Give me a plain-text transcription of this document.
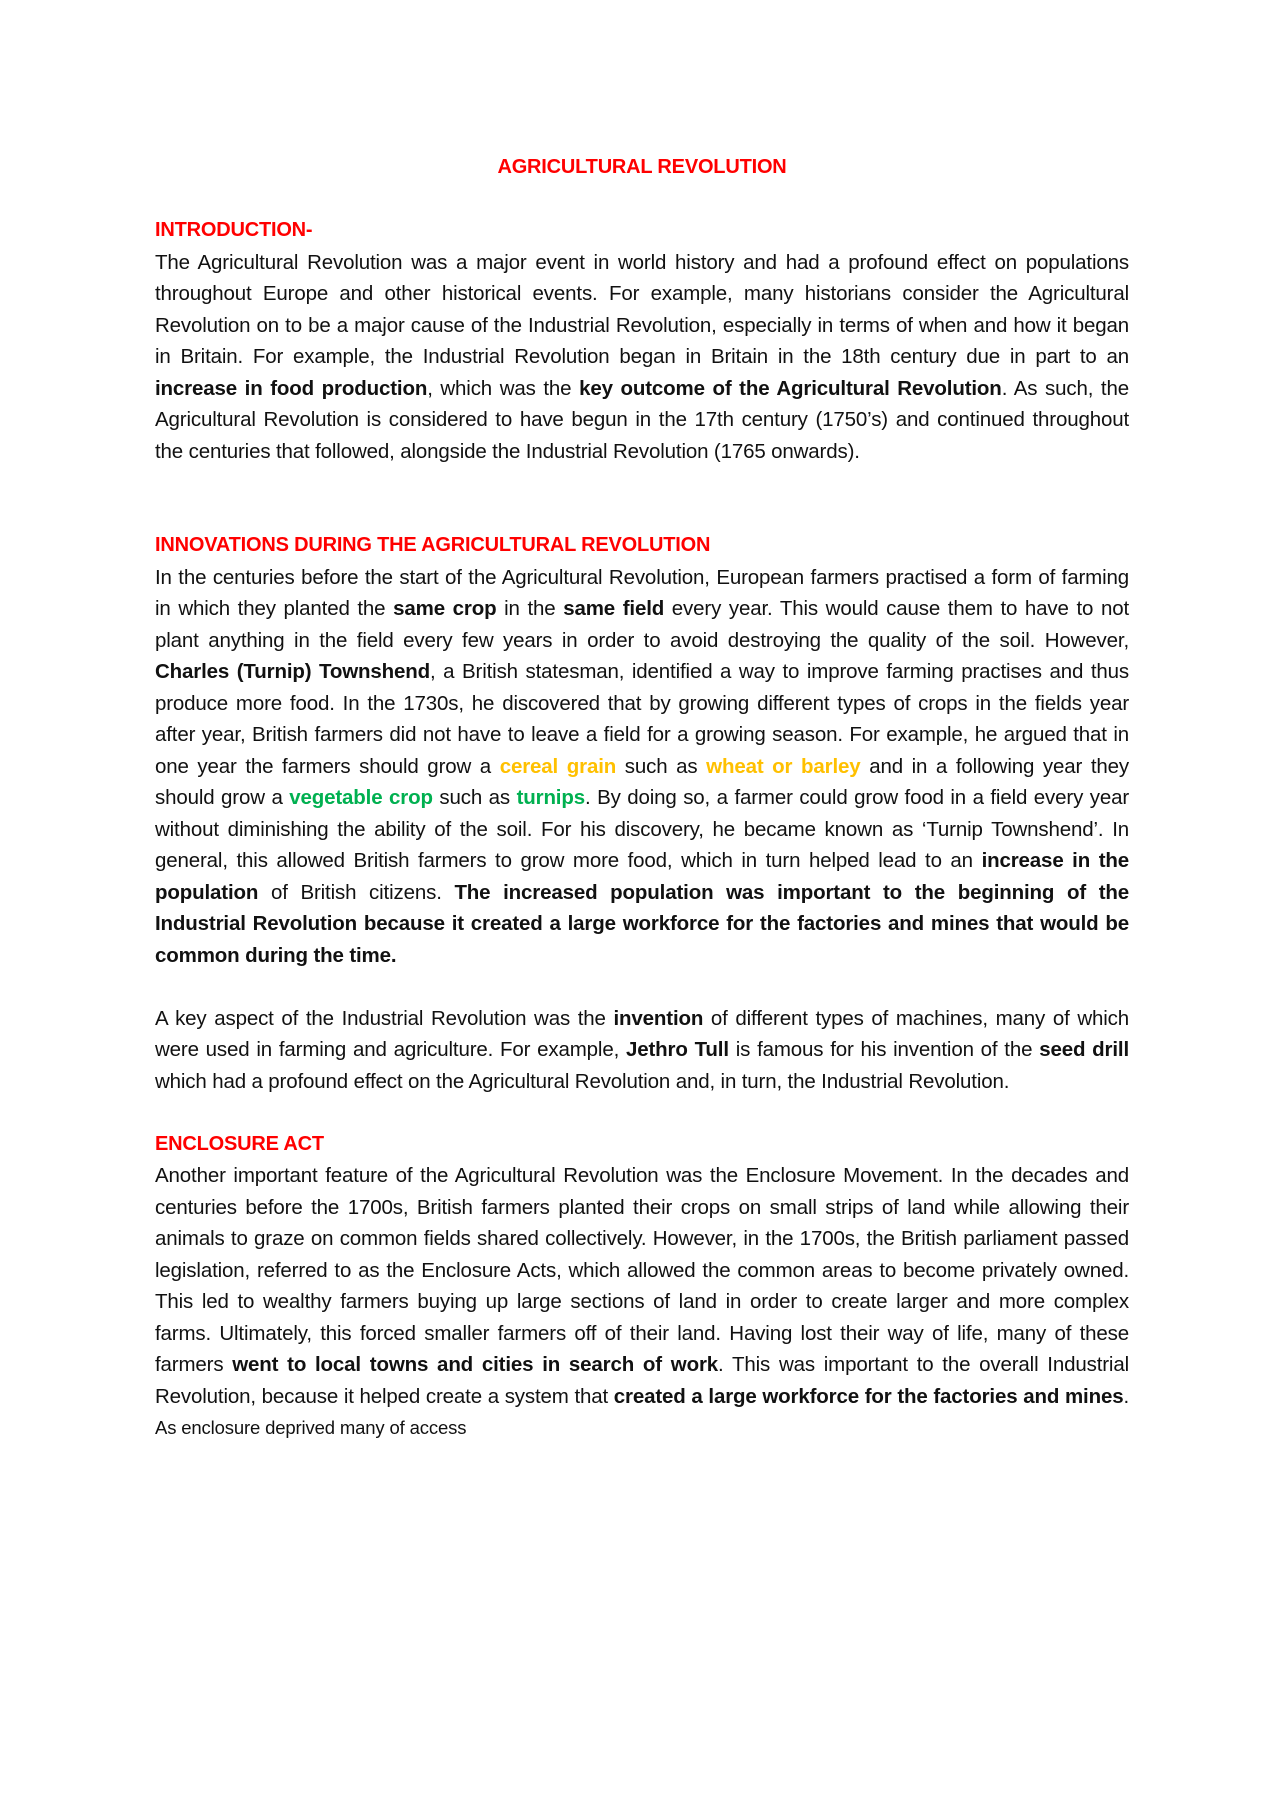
AGRICULTURAL REVOLUTION
INTRODUCTION-

The Agricultural Revolution was a major event in world history and had a profound effect on populations throughout Europe and other historical events. For example, many historians consider the Agricultural Revolution on to be a major cause of the Industrial Revolution, especially in terms of when and how it began in Britain. For example, the Industrial Revolution began in Britain in the 18th century due in part to an increase in food production, which was the key outcome of the Agricultural Revolution. As such, the Agricultural Revolution is considered to have begun in the 17th century (1750’s) and continued throughout the centuries that followed, alongside the Industrial Revolution (1765 onwards).

INNOVATIONS DURING THE AGRICULTURAL REVOLUTION

In the centuries before the start of the Agricultural Revolution, European farmers practised a form of farming in which they planted the same crop in the same field every year. This would cause them to have to not plant anything in the field every few years in order to avoid destroying the quality of the soil. However, Charles (Turnip) Townshend, a British statesman, identified a way to improve farming practises and thus produce more food. In the 1730s, he discovered that by growing different types of crops in the fields year after year, British farmers did not have to leave a field for a growing season. For example, he argued that in one year the farmers should grow a cereal grain such as wheat or barley and in a following year they should grow a vegetable crop such as turnips. By doing so, a farmer could grow food in a field every year without diminishing the ability of the soil. For his discovery, he became known as ‘Turnip Townshend’. In general, this allowed British farmers to grow more food, which in turn helped lead to an increase in the population of British citizens. The increased population was important to the beginning of the Industrial Revolution because it created a large workforce for the factories and mines that would be common during the time.

A key aspect of the Industrial Revolution was the invention of different types of machines, many of which were used in farming and agriculture. For example, Jethro Tull is famous for his invention of the seed drill which had a profound effect on the Agricultural Revolution and, in turn, the Industrial Revolution.

ENCLOSURE ACT

Another important feature of the Agricultural Revolution was the Enclosure Movement. In the decades and centuries before the 1700s, British farmers planted their crops on small strips of land while allowing their animals to graze on common fields shared collectively. However, in the 1700s, the British parliament passed legislation, referred to as the Enclosure Acts, which allowed the common areas to become privately owned. This led to wealthy farmers buying up large sections of land in order to create larger and more complex farms. Ultimately, this forced smaller farmers off of their land. Having lost their way of life, many of these farmers went to local towns and cities in search of work. This was important to the overall Industrial Revolution, because it helped create a system that created a large workforce for the factories and mines. As enclosure deprived many of access
